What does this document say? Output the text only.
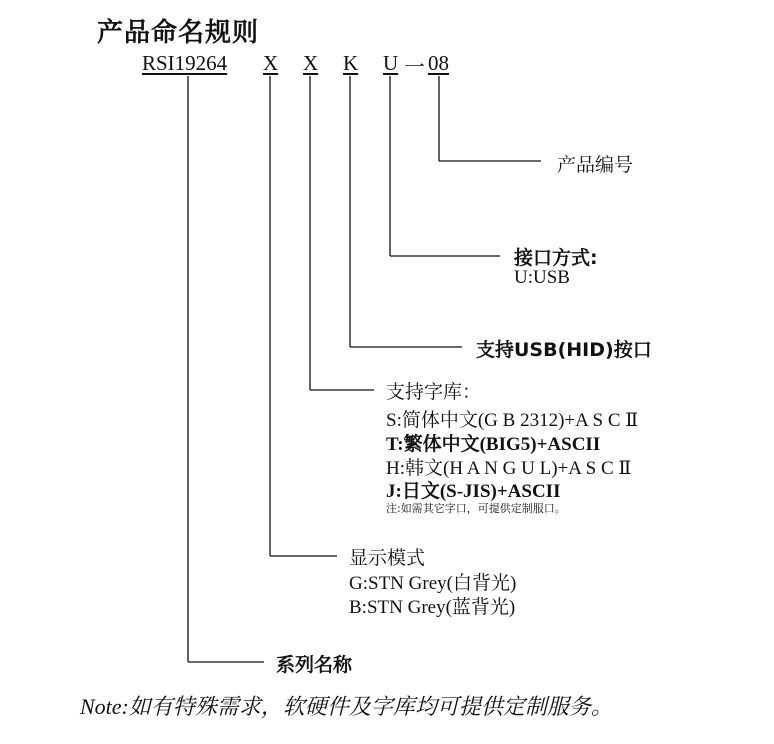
产品命名规则
RSI19264 X X K U 一 08
产品编号
接口方式:
U:USB
支持USB(HID)按口
支持字库：
S:简体中文(G B 2312)+A S C Ⅱ
T:繁体中文(BIG5)+ASCII
H:韩文(H A N G U L)+A S C Ⅱ
J:日文(S-JIS)+ASCII
注:如需其它字口，可提供定制服口。
显示模式
G:STN Grey(白背光)
B:STN Grey(蓝背光)
系列名称
Note:如有特殊需求，软硬件及字库均可提供定制服务。
